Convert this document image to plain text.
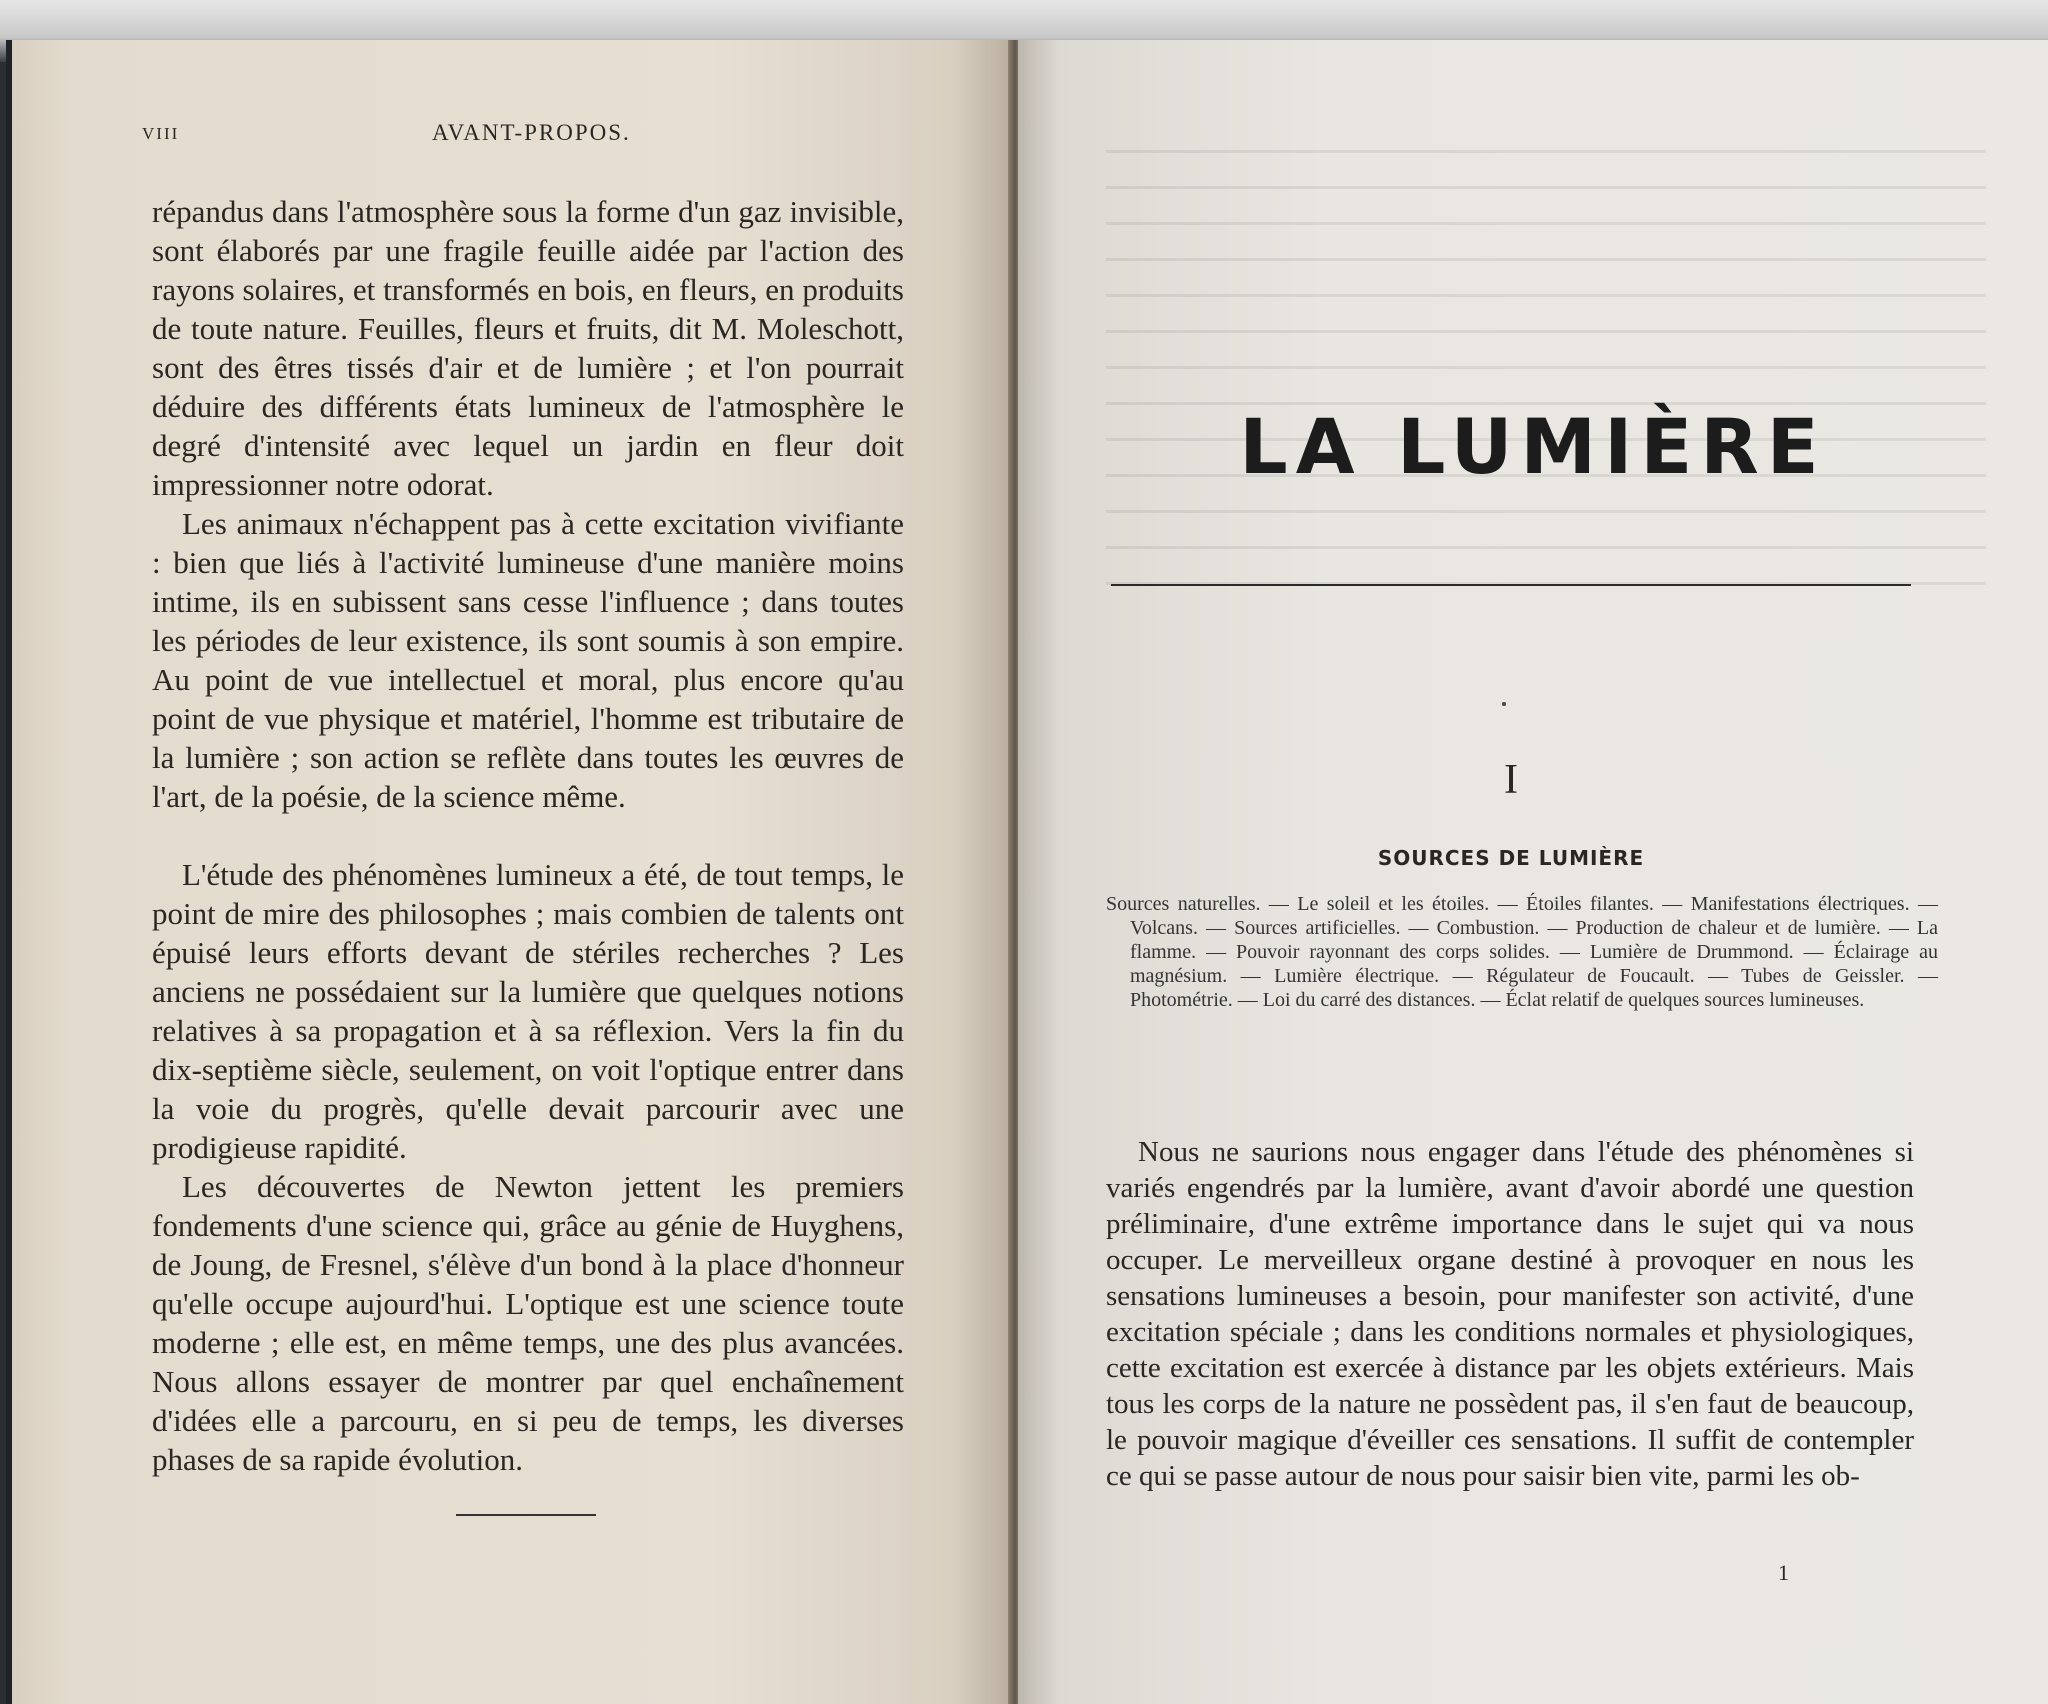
VIII	AVANT-PROPOS.

répandus dans l'atmosphère sous la forme d'un gaz invisible, sont élaborés par une fragile feuille aidée par l'action des rayons solaires, et transformés en bois, en fleurs, en produits de toute nature. Feuilles, fleurs et fruits, dit M. Moleschott, sont des êtres tissés d'air et de lumière ; et l'on pourrait déduire des différents états lumineux de l'atmosphère le degré d'intensité avec lequel un jardin en fleur doit impressionner notre odorat.

Les animaux n'échappent pas à cette excitation vivifiante : bien que liés à l'activité lumineuse d'une manière moins intime, ils en subissent sans cesse l'influence ; dans toutes les périodes de leur existence, ils sont soumis à son empire. Au point de vue intellectuel et moral, plus encore qu'au point de vue physique et matériel, l'homme est tributaire de la lumière ; son action se reflète dans toutes les œuvres de l'art, de la poésie, de la science même.

L'étude des phénomènes lumineux a été, de tout temps, le point de mire des philosophes ; mais combien de talents ont épuisé leurs efforts devant de stériles recherches ? Les anciens ne possédaient sur la lumière que quelques notions relatives à sa propagation et à sa réflexion. Vers la fin du dix-septième siècle, seulement, on voit l'optique entrer dans la voie du progrès, qu'elle devait parcourir avec une prodigieuse rapidité.

Les découvertes de Newton jettent les premiers fondements d'une science qui, grâce au génie de Huyghens, de Joung, de Fresnel, s'élève d'un bond à la place d'honneur qu'elle occupe aujourd'hui. L'optique est une science toute moderne ; elle est, en même temps, une des plus avancées. Nous allons essayer de montrer par quel enchaînement d'idées elle a parcouru, en si peu de temps, les diverses phases de sa rapide évolution.

LA LUMIÈRE
I
SOURCES DE LUMIÈRE
Sources naturelles. — Le soleil et les étoiles. — Étoiles filantes. — Manifestations électriques. — Volcans. — Sources artificielles. — Combustion. — Production de chaleur et de lumière. — La flamme. — Pouvoir rayonnant des corps solides. — Lumière de Drummond. — Éclairage au magnésium. — Lumière électrique. — Régulateur de Foucault. — Tubes de Geissler. — Photométrie. — Loi du carré des distances. — Éclat relatif de quelques sources lumineuses.

Nous ne saurions nous engager dans l'étude des phénomènes si variés engendrés par la lumière, avant d'avoir abordé une question préliminaire, d'une extrême importance dans le sujet qui va nous occuper. Le merveilleux organe destiné à provoquer en nous les sensations lumineuses a besoin, pour manifester son activité, d'une excitation spéciale ; dans les conditions normales et physiologiques, cette excitation est exercée à distance par les objets extérieurs. Mais tous les corps de la nature ne possèdent pas, il s'en faut de beaucoup, le pouvoir magique d'éveiller ces sensations. Il suffit de contempler ce qui se passe autour de nous pour saisir bien vite, parmi les ob-

1
